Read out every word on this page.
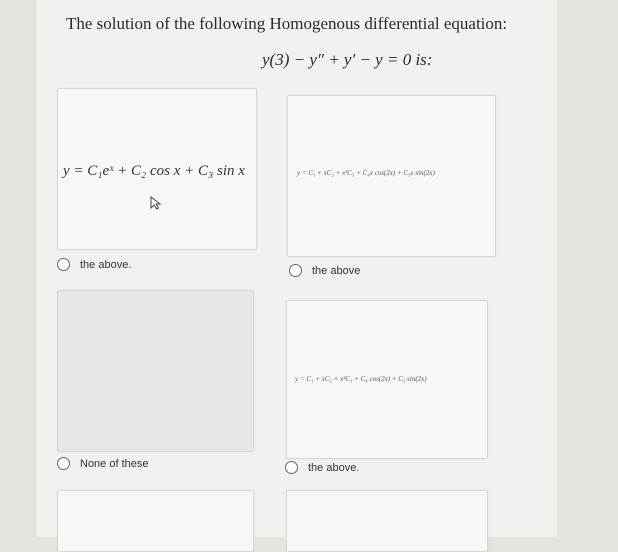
The solution of the following Homogenous differential equation:
y(3) − y″ + y′ − y = 0 is:
y = C₁eˣ + C₂ cos x + C₃ sin x
the above.
y = C₁ + xC₂ + x²C₃ + C₄x cos(2x) + C₅x sin(2x)
the above
None of these
y = C₁ + xC₂ + x²C₃ + C₄ cos(2x) + C₅ sin(2x)
the above.
